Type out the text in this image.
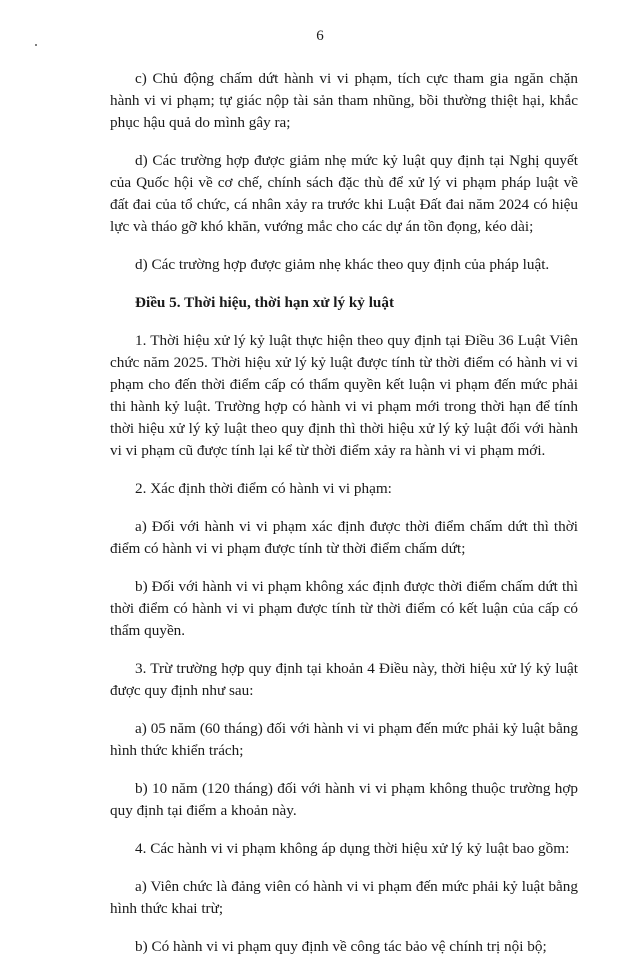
6

c) Chủ động chấm dứt hành vi vi phạm, tích cực tham gia ngăn chặn hành vi vi phạm; tự giác nộp tài sản tham nhũng, bồi thường thiệt hại, khắc phục hậu quả do mình gây ra;

d) Các trường hợp được giảm nhẹ mức kỷ luật quy định tại Nghị quyết của Quốc hội về cơ chế, chính sách đặc thù để xử lý vi phạm pháp luật về đất đai của tổ chức, cá nhân xảy ra trước khi Luật Đất đai năm 2024 có hiệu lực và tháo gỡ khó khăn, vướng mắc cho các dự án tồn đọng, kéo dài;

d) Các trường hợp được giảm nhẹ khác theo quy định của pháp luật.

Điều 5. Thời hiệu, thời hạn xử lý kỷ luật

1. Thời hiệu xử lý kỷ luật thực hiện theo quy định tại Điều 36 Luật Viên chức năm 2025. Thời hiệu xử lý kỷ luật được tính từ thời điểm có hành vi vi phạm cho đến thời điểm cấp có thẩm quyền kết luận vi phạm đến mức phải thi hành kỷ luật. Trường hợp có hành vi vi phạm mới trong thời hạn để tính thời hiệu xử lý kỷ luật theo quy định thì thời hiệu xử lý kỷ luật đối với hành vi vi phạm cũ được tính lại kể từ thời điểm xảy ra hành vi vi phạm mới.

2. Xác định thời điểm có hành vi vi phạm:

a) Đối với hành vi vi phạm xác định được thời điểm chấm dứt thì thời điểm có hành vi vi phạm được tính từ thời điểm chấm dứt;

b) Đối với hành vi vi phạm không xác định được thời điểm chấm dứt thì thời điểm có hành vi vi phạm được tính từ thời điểm có kết luận của cấp có thẩm quyền.

3. Trừ trường hợp quy định tại khoản 4 Điều này, thời hiệu xử lý kỷ luật được quy định như sau:

a) 05 năm (60 tháng) đối với hành vi vi phạm đến mức phải kỷ luật bằng hình thức khiển trách;

b) 10 năm (120 tháng) đối với hành vi vi phạm không thuộc trường hợp quy định tại điểm a khoản này.

4. Các hành vi vi phạm không áp dụng thời hiệu xử lý kỷ luật bao gồm:

a) Viên chức là đảng viên có hành vi vi phạm đến mức phải kỷ luật bằng hình thức khai trừ;

b) Có hành vi vi phạm quy định về công tác bảo vệ chính trị nội bộ;
